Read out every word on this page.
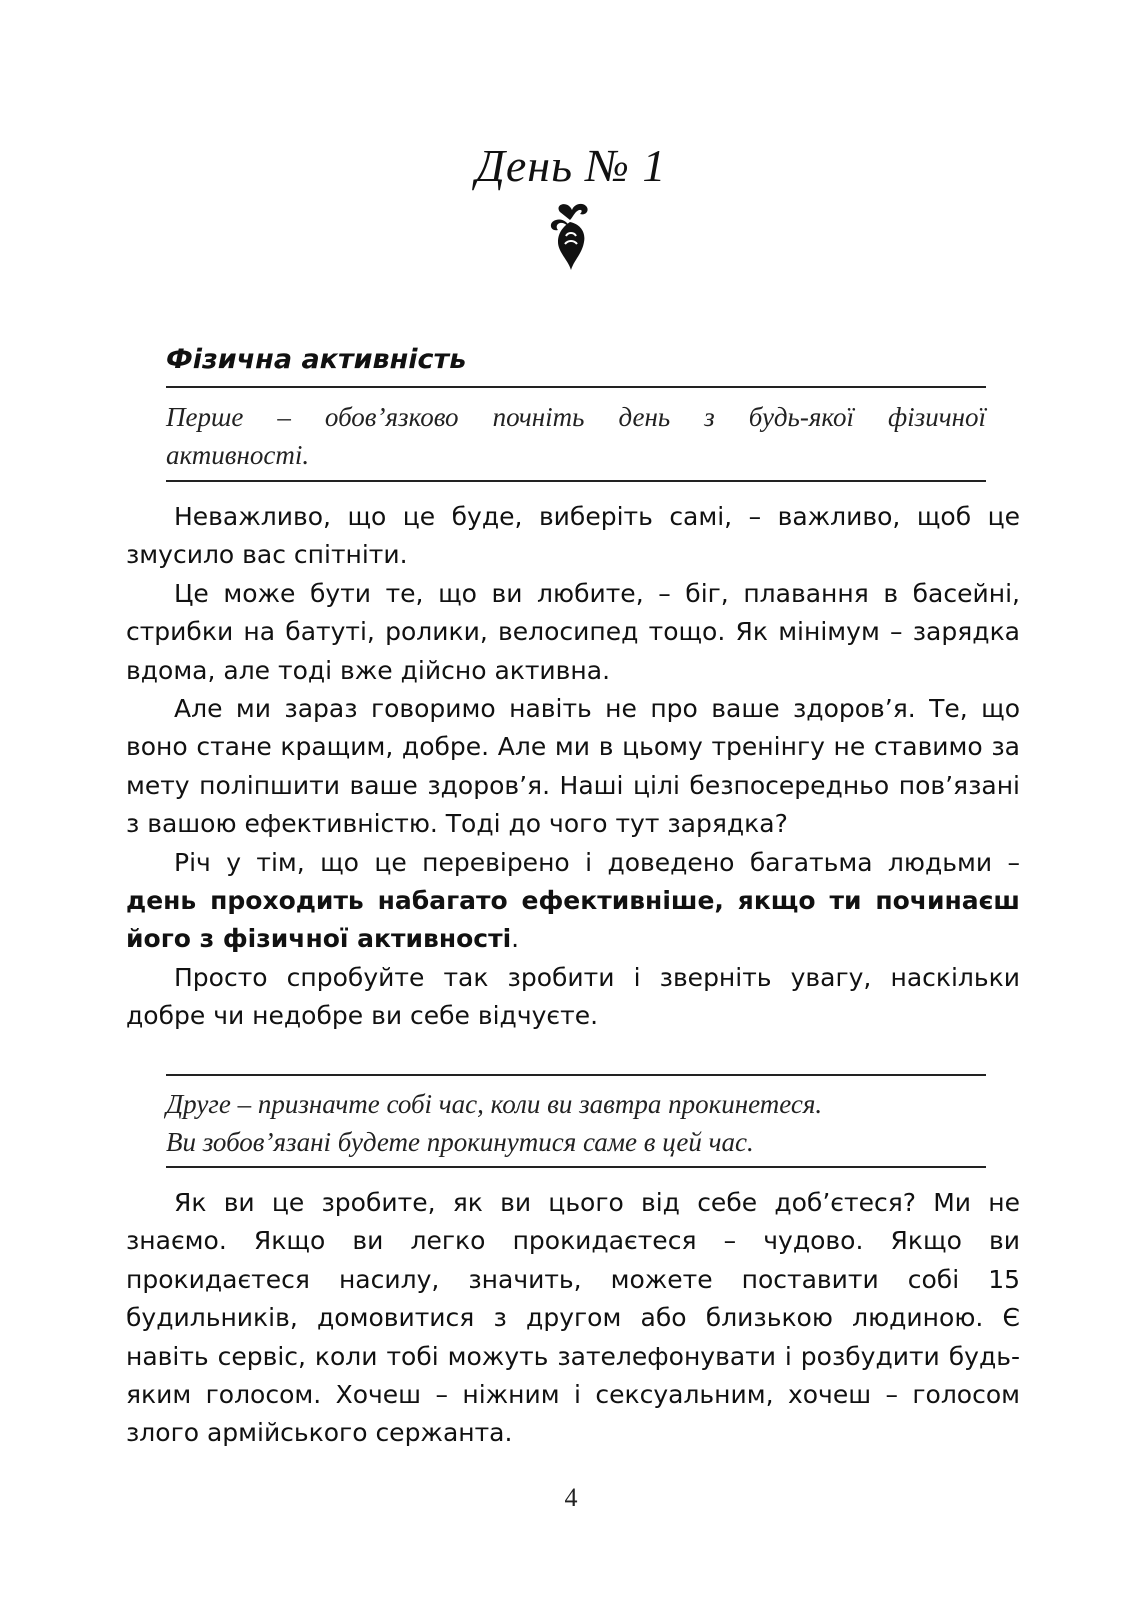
День № 1
Фізична активність

Перше – обов’язково почніть день з будь-якої фізичної активності.

Неважливо, що це буде, виберіть самі, – важливо, щоб це змусило вас спітніти.

Це може бути те, що ви любите, – біг, плавання в басейні, стрибки на батуті, ролики, велосипед тощо. Як мінімум – зарядка вдома, але тоді вже дійсно активна.

Але ми зараз говоримо навіть не про ваше здоров’я. Те, що воно стане кращим, добре. Але ми в цьому тренінгу не ставимо за мету поліпшити ваше здоров’я. Наші цілі безпосередньо пов’язані з вашою ефективністю. Тоді до чого тут зарядка?

Річ у тім, що це перевірено і доведено багатьма людьми – день проходить набагато ефективніше, якщо ти починаєш його з фізичної активності.

Просто спробуйте так зробити і зверніть увагу, наскільки добре чи недобре ви себе відчуєте.

Друге – призначте собі час, коли ви завтра прокинетеся.
Ви зобов’язані будете прокинутися саме в цей час.

Як ви це зробите, як ви цього від себе доб’єтеся? Ми не знаємо. Якщо ви легко прокидаєтеся – чудово. Якщо ви прокидаєтеся насилу, значить, можете поставити собі 15 будильників, домовитися з другом або близькою людиною. Є навіть сервіс, коли тобі можуть зателефонувати і розбудити будь-яким голосом. Хочеш – ніжним і сексуальним, хочеш – голосом злого армійського сержанта.

4
